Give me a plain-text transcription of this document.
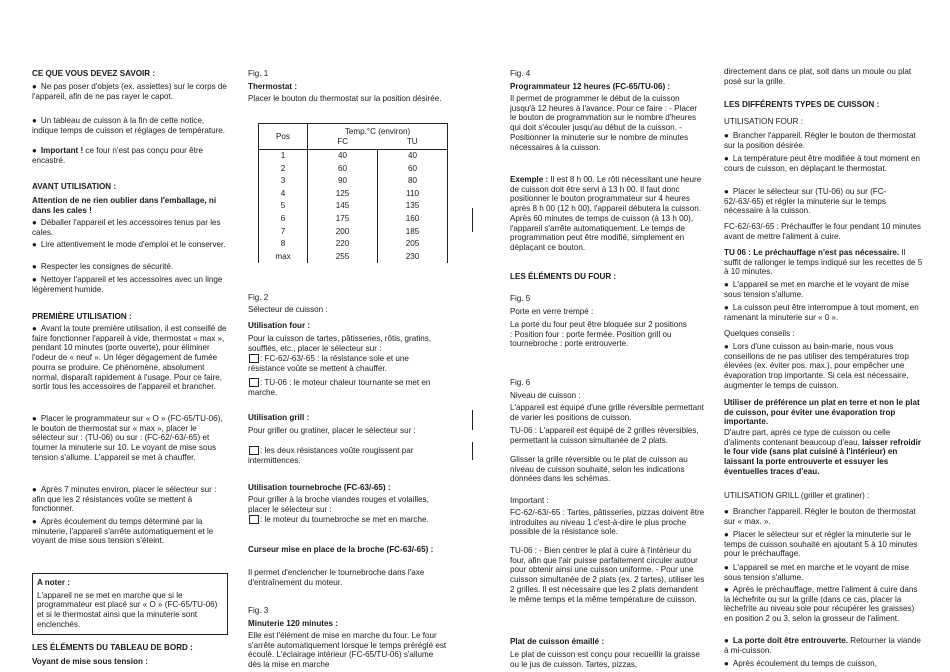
CE QUE VOUS DEVEZ SAVOIR :

● Ne pas poser d'objets (ex. assiettes) sur le corps de l'appareil, afin de ne pas rayer le capot.

● Un tableau de cuisson à la fin de cette notice, indique temps de cuisson et réglages de température.

● Important ! ce four n'est pas conçu pour être encastré.

AVANT UTILISATION :

Attention de ne rien oublier dans l'emballage, ni dans les cales !

● Déballer l'appareil et les accessoires tenus par les cales.

● Lire attentivement le mode d'emploi et le conserver.

● Respecter les consignes de sécurité.

● Nettoyer l'appareil et les accessoires avec un linge légèrement humide.

PREMIÈRE UTILISATION :

● Avant la toute première utilisation, il est conseillé de faire fonctionner l'appareil à vide, thermostat « max », pendant 10 minutes (porte ouverte), pour éliminer l'odeur de « neuf ». Un léger dégagement de fumée pourra se produire. Ce phénomène, absolument normal, disparaît rapidement à l'usage. Pour ce faire, sortir tous les accessoires de l'appareil et brancher.

● Placer le programmateur sur « O » (FC-65/TU-06), le bouton de thermostat sur « max », placer le sélecteur sur : (TU-06) ou sur : (FC-62/-63/-65) et tourner la minuterie sur 10. Le voyant de mise sous tension s'allume. L'appareil se met à chauffer.

● Après 7 minutes environ, placer le sélecteur sur : afin que les 2 résistances voûte se mettent à fonctionner.

● Après écoulement du temps déterminé par la minuterie, l'appareil s'arrête automatiquement et le voyant de mise sous tension s'éteint.

A noter :

L'appareil ne se met en marche que si le programmateur est placé sur « O » (FC-65/TU-06) et si le thermostat ainsi que la minuterie sont enclenchés.

LES ÉLÉMENTS DU TABLEAU DE BORD :

Voyant de mise sous tension :

Fig. 1

Thermostat :

Placer le bouton du thermostat sur la position désirée.

Pos	Temp.°C (environ)
FC TU	

1	40	40
2	60	60
3	90	80
4	125	110
5	145	135
6	175	160
7	200	185
8	220	205
max	255	230

Fig. 2

Sélecteur de cuisson :

Utilisation four :

Pour la cuisson de tartes, pâtisseries, rôtis, gratins, soufflés, etc., placer le sélecteur sur :

: FC-62/-63/-65 : la résistance sole et une résistance voûte se mettent à chauffer.

: TU-06 : le moteur chaleur tournante se met en marche.

Utilisation grill :

Pour griller ou gratiner, placer le sélecteur sur :

: les deux résistances voûte rougissent par intermittences.

Utilisation tournebroche (FC-63/-65) :

Pour griller à la broche viandes rouges et volailles, placer le sélecteur sur :

: le moteur du tournebroche se met en marche.

Curseur mise en place de la broche (FC-63/-65) :

Il permet d'enclencher le tournebroche dans l'axe d'entraînement du moteur.

Fig. 3

Minuterie 120 minutes :

Elle est l'élément de mise en marche du four. Le four s'arrête automatiquement lorsque le temps préréglé est écoulé. L'éclairage intérieur (FC-65/TU-06) s'allume dès la mise en marche

Fig. 4

Programmateur 12 heures (FC-65/TU-06) :

Il permet de programmer le début de la cuisson jusqu'à 12 heures à l'avance. Pour ce faire : - Placer le bouton de programmation sur le nombre d'heures qui doit s'écouler jusqu'au début de la cuisson. - Positionner la minuterie sur le nombre de minutes nécessaires à la cuisson.

Exemple : Il est 8 h 00. Le rôti nécessitant une heure de cuisson doit être servi à 13 h 00. Il faut donc positionner le bouton programmateur sur 4 heures après 8 h 00 (12 h 00), l'appareil débutera la cuisson. Après 60 minutes de temps de cuisson (à 13 h 00), l'appareil s'arrête automatiquement. Le temps de programmation peut être modifié, simplement en déplaçant ce bouton.

LES ÉLÉMENTS DU FOUR :

Fig. 5

Porte en verre trempé :

La porte du four peut être bloquée sur 2 positions : Position four : porte fermée. Position grill ou tournebroche : porte entrouverte.

Fig. 6

Niveau de cuisson :

L'appareil est équipé d'une grille réversible permettant de varier les positions de cuisson.

TU-06 : L'appareil est équipé de 2 grilles réversibles, permettant la cuisson simultanée de 2 plats.

Glisser la grille réversible ou le plat de cuisson au niveau de cuisson souhaité, selon les indications données dans les schémas.

Important :

FC-62/-63/-65 : Tartes, pâtisseries, pizzas doivent être introduites au niveau 1 c'est-à-dire le plus proche possible de la résistance sole.

TU-06 : - Bien centrer le plat à cuire à l'intérieur du four, afin que l'air puisse parfaitement circuler autour pour obtenir ainsi une cuisson uniforme. - Pour une cuisson simultanée de 2 plats (ex. 2 tartes), utiliser les 2 grilles. Il est nécessaire que les 2 plats demandent le même temps et la même température de cuisson.

Plat de cuisson émaillé :

Le plat de cuisson est conçu pour recueillir la graisse ou le jus de cuisson. Tartes, pizzas,

directement dans ce plat, soit dans un moule ou plat posé sur la grille.

LES DIFFÉRENTS TYPES DE CUISSON :

UTILISATION FOUR :

● Brancher l'appareil. Régler le bouton de thermostat sur la position désirée.

● La température peut être modifiée à tout moment en cours de cuisson, en déplaçant le thermostat.

● Placer le sélecteur sur (TU-06) ou sur (FC-62/-63/-65) et régler la minuterie sur le temps nécessaire à la cuisson.

FC-62/-63/-65 : Préchauffer le four pendant 10 minutes avant de mettre l'aliment à cuire.

TU 06 : Le préchauffage n'est pas nécessaire. Il suffit de rallonger le temps indiqué sur les recettes de 5 à 10 minutes.

● L'appareil se met en marche et le voyant de mise sous tension s'allume.

● La cuisson peut être interrompue à tout moment, en ramenant la minuterie sur « 0 ».

Quelques conseils :

● Lors d'une cuisson au bain-marie, nous vous conseillons de ne pas utiliser des températures trop élevées (ex. éviter pos. max.), pour empêcher une évaporation trop importante. Si cela est nécessaire, augmenter le temps de cuisson.

Utiliser de préférence un plat en terre et non le plat de cuisson, pour éviter une évaporation trop importante.

D'autre part, après ce type de cuisson ou celle d'aliments contenant beaucoup d'eau, laisser refroidir le four vide (sans plat cuisiné à l'intérieur) en laissant la porte entrouverte et essuyer les éventuelles traces d'eau.

UTILISATION GRILL (griller et gratiner) :

● Brancher l'appareil. Régler le bouton de thermostat sur « max. ».

● Placer le sélecteur sur et régler la minuterie sur le temps de cuisson souhaité en ajoutant 5 à 10 minutes pour le préchauffage.

● L'appareil se met en marche et le voyant de mise sous tension s'allume.

● Après le préchauffage, mettre l'aliment à cuire dans la lèchefrite ou sur la grille (dans ce cas, placer la lèchefrite au niveau sole pour récupérer les graisses) en position 2 ou 3, selon la grosseur de l'aliment.

● La porte doit être entrouverte. Retourner la viande à mi-cuisson.

● Après écoulement du temps de cuisson,
